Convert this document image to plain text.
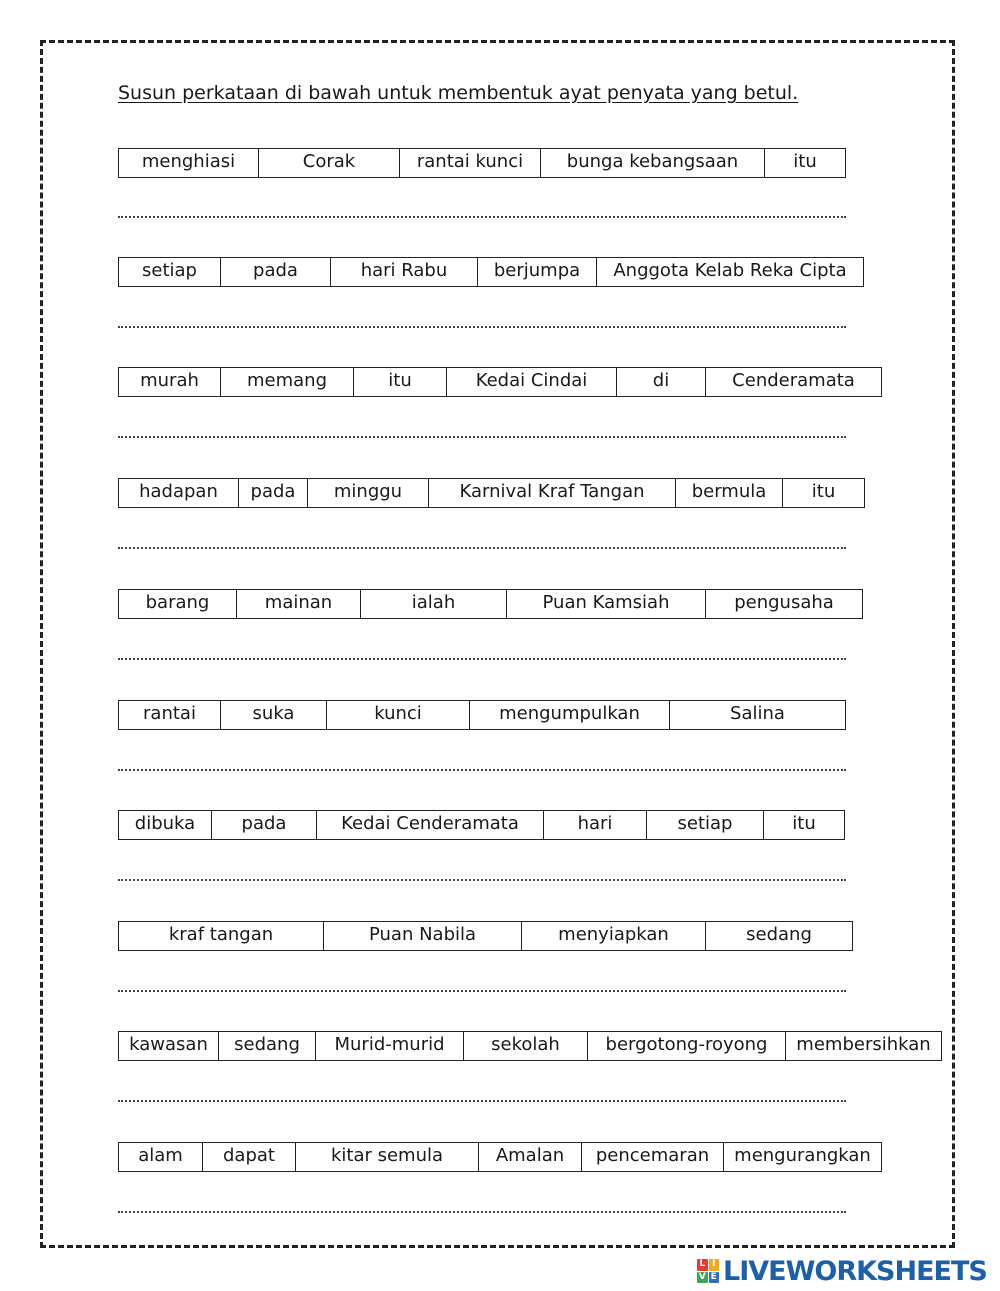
Susun perkataan di bawah untuk membentuk ayat penyata yang betul.
menghiasi	Corak	rantai kunci	bunga kebangsaan	itu
setiap	pada	hari Rabu	berjumpa	Anggota Kelab Reka Cipta
murah	memang	itu	Kedai Cindai	di	Cenderamata
hadapan	pada	minggu	Karnival Kraf Tangan	bermula	itu
barang	mainan	ialah	Puan Kamsiah	pengusaha
rantai	suka	kunci	mengumpulkan	Salina
dibuka	pada	Kedai Cenderamata	hari	setiap	itu
kraf tangan	Puan Nabila	menyiapkan	sedang
kawasan	sedang	Murid-murid	sekolah	bergotong-royong	membersihkan
alam	dapat	kitar semula	Amalan	pencemaran	mengurangkan
L I
V E LIVEWORKSHEETS
